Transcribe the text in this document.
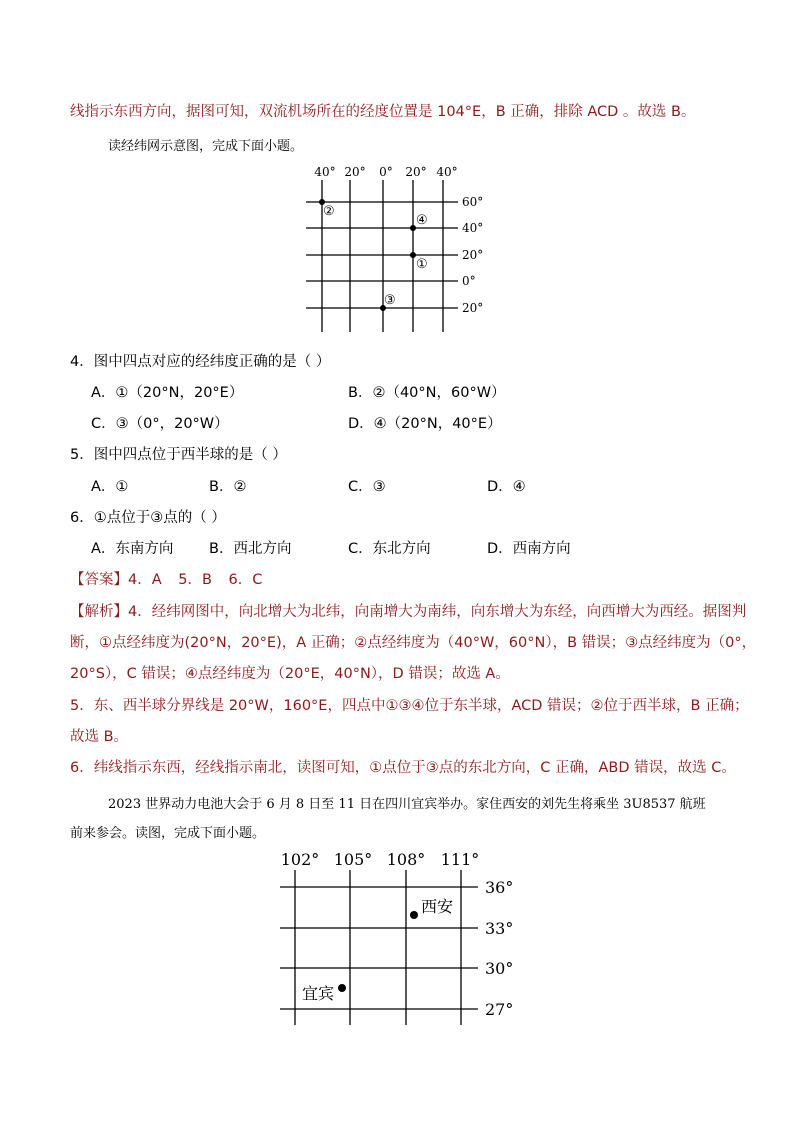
线指示东西方向，据图可知，双流机场所在的经度位置是 104°E，B 正确，排除 ACD 。故选 B。
读经纬网示意图，完成下面小题。
40° 20° 0° 20° 40°
60°
40°
20°
0°
20°
②
④
①
③
4．图中四点对应的经纬度正确的是（ ）
A．①（20°N，20°E）	B．②（40°N，60°W）
C．③（0°，20°W）	D．④（20°N，40°E）
5．图中四点位于西半球的是（ ）
A．①	B．②	C．③	D．④
6．①点位于③点的（ ）
A．东南方向 B．西北方向	C．东北方向	D．西南方向
【答案】4．A 5．B 6．C
【解析】4．经纬网图中，向北增大为北纬，向南增大为南纬，向东增大为东经，向西增大为西经。据图判
断，①点经纬度为(20°N，20°E)，A 正确；②点经纬度为（40°W，60°N），B 错误；③点经纬度为（0°，
20°S），C 错误；④点经纬度为（20°E，40°N），D 错误；故选 A。
5．东、西半球分界线是 20°W，160°E，四点中①③④位于东半球，ACD 错误；②位于西半球，B 正确；
故选 B。
6．纬线指示东西，经线指示南北，读图可知，①点位于③点的东北方向，C 正确，ABD 错误，故选 C。
2023 世界动力电池大会于 6 月 8 日至 11 日在四川宜宾举办。家住西安的刘先生将乘坐 3U8537 航班
前来参会。读图，完成下面小题。
102° 105° 108° 111°
36°
33°
30°
27°
西安
宜宾
